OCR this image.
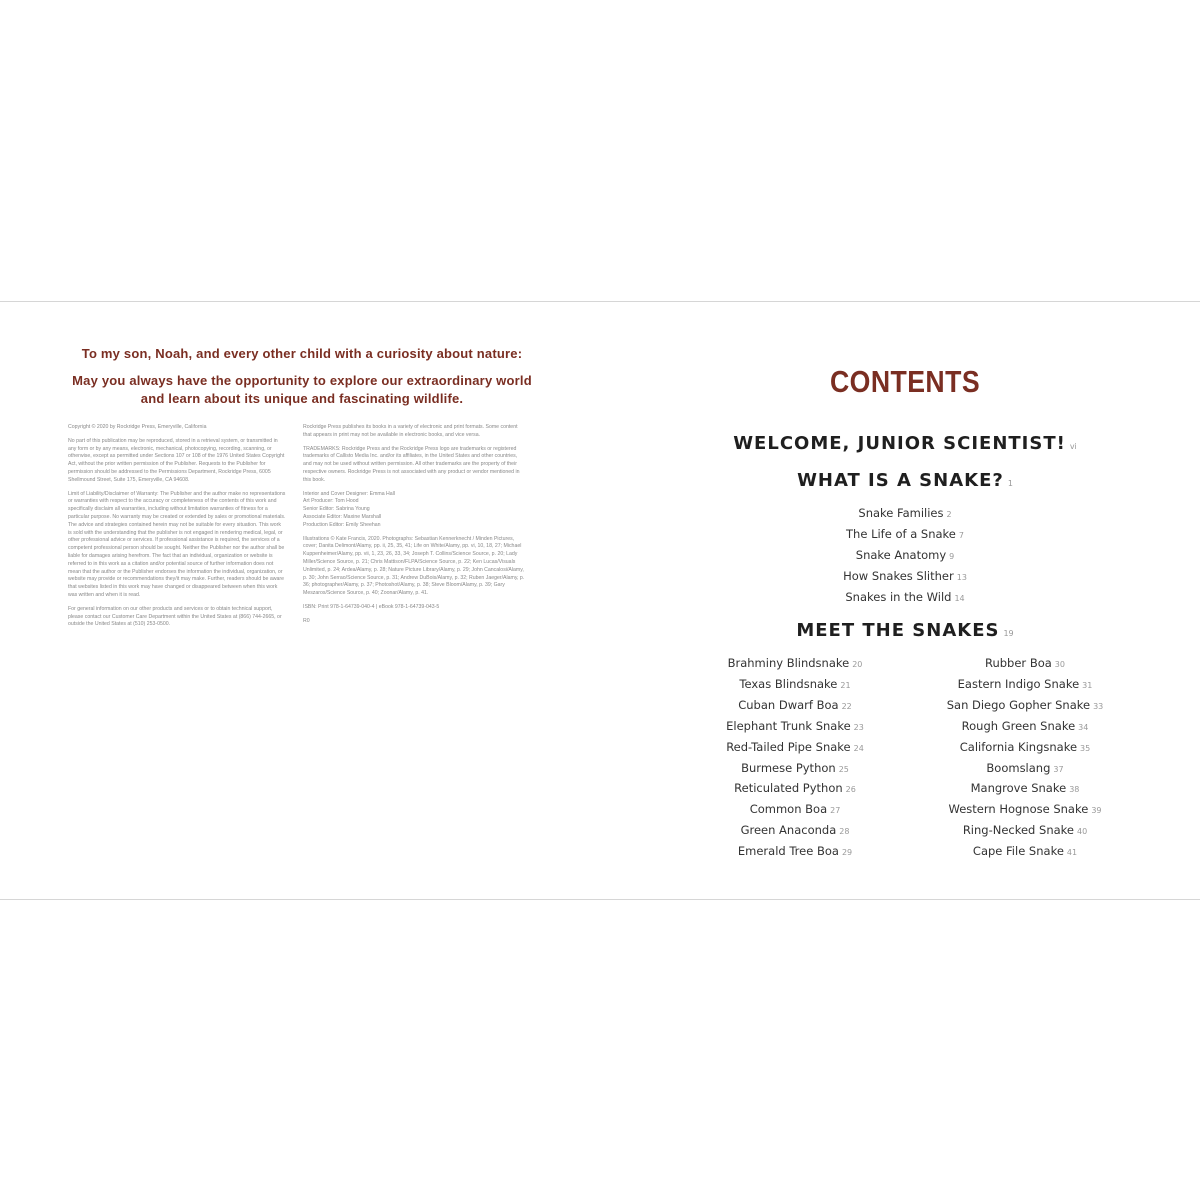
To my son, Noah, and every other child with a curiosity about nature:
May you always have the opportunity to explore our extraordinary world and learn about its unique and fascinating wildlife.

Copyright © 2020 by Rockridge Press, Emeryville, California

No part of this publication may be reproduced, stored in a retrieval system, or transmitted in any form or by any means, electronic, mechanical, photocopying, recording, scanning, or otherwise, except as permitted under Sections 107 or 108 of the 1976 United States Copyright Act, without the prior written permission of the Publisher. Requests to the Publisher for permission should be addressed to the Permissions Department, Rockridge Press, 6005 Shellmound Street, Suite 175, Emeryville, CA 94608.

Limit of Liability/Disclaimer of Warranty: The Publisher and the author make no representations or warranties with respect to the accuracy or completeness of the contents of this work and specifically disclaim all warranties, including without limitation warranties of fitness for a particular purpose. No warranty may be created or extended by sales or promotional materials. The advice and strategies contained herein may not be suitable for every situation. This work is sold with the understanding that the publisher is not engaged in rendering medical, legal, or other professional advice or services. If professional assistance is required, the services of a competent professional person should be sought. Neither the Publisher nor the author shall be liable for damages arising herefrom. The fact that an individual, organization or website is referred to in this work as a citation and/or potential source of further information does not mean that the author or the Publisher endorses the information the individual, organization, or website may provide or recommendations they/it may make. Further, readers should be aware that websites listed in this work may have changed or disappeared between when this work was written and when it is read.

For general information on our other products and services or to obtain technical support, please contact our Customer Care Department within the United States at (866) 744-2665, or outside the United States at (510) 253-0500.

Rockridge Press publishes its books in a variety of electronic and print formats. Some content that appears in print may not be available in electronic books, and vice versa.

TRADEMARKS: Rockridge Press and the Rockridge Press logo are trademarks or registered trademarks of Callisto Media Inc. and/or its affiliates, in the United States and other countries, and may not be used without written permission. All other trademarks are the property of their respective owners. Rockridge Press is not associated with any product or vendor mentioned in this book.

Interior and Cover Designer: Emma Hall
Art Producer: Tom Hood
Senior Editor: Sabrina Young
Associate Editor: Maxine Marshall
Production Editor: Emily Sheehan

Illustrations © Kate Francis, 2020. Photographs: Sebastian Kennerknecht / Minden Pictures, cover; Danita Delimont/Alamy, pp. ii, 25, 35, 41; Life on White/Alamy, pp. vi, 10, 18, 27; Michael Kuppenheimer/Alamy, pp. vii, 1, 23, 26, 33, 34; Joseph T. Collins/Science Source, p. 20; Lady Miller/Science Source, p. 21; Chris Mattison/FLPA/Science Source, p. 22; Ken Lucas/Visuals Unlimited, p. 24; Ardea/Alamy, p. 28; Nature Picture Library/Alamy, p. 29; John Cancalosi/Alamy, p. 30; John Serrao/Science Source, p. 31; Andrew DuBois/Alamy, p. 32; Ruben Jaeger/Alamy, p. 36; photographer/Alamy, p. 37; Photoshot/Alamy, p. 38; Steve Bloom/Alamy, p. 39; Gary Meszaros/Science Source, p. 40; Zoonar/Alamy, p. 41.

ISBN: Print 978-1-64739-040-4 | eBook 978-1-64739-043-5

R0

CONTENTS
WELCOME, JUNIOR SCIENTIST! vi
WHAT IS A SNAKE? 1
Snake Families 2
The Life of a Snake 7
Snake Anatomy 9
How Snakes Slither 13
Snakes in the Wild 14
MEET THE SNAKES 19
Brahminy Blindsnake 20
Texas Blindsnake 21
Cuban Dwarf Boa 22
Elephant Trunk Snake 23
Red-Tailed Pipe Snake 24
Burmese Python 25
Reticulated Python 26
Common Boa 27
Green Anaconda 28
Emerald Tree Boa 29
Rubber Boa 30
Eastern Indigo Snake 31
San Diego Gopher Snake 33
Rough Green Snake 34
California Kingsnake 35
Boomslang 37
Mangrove Snake 38
Western Hognose Snake 39
Ring-Necked Snake 40
Cape File Snake 41
